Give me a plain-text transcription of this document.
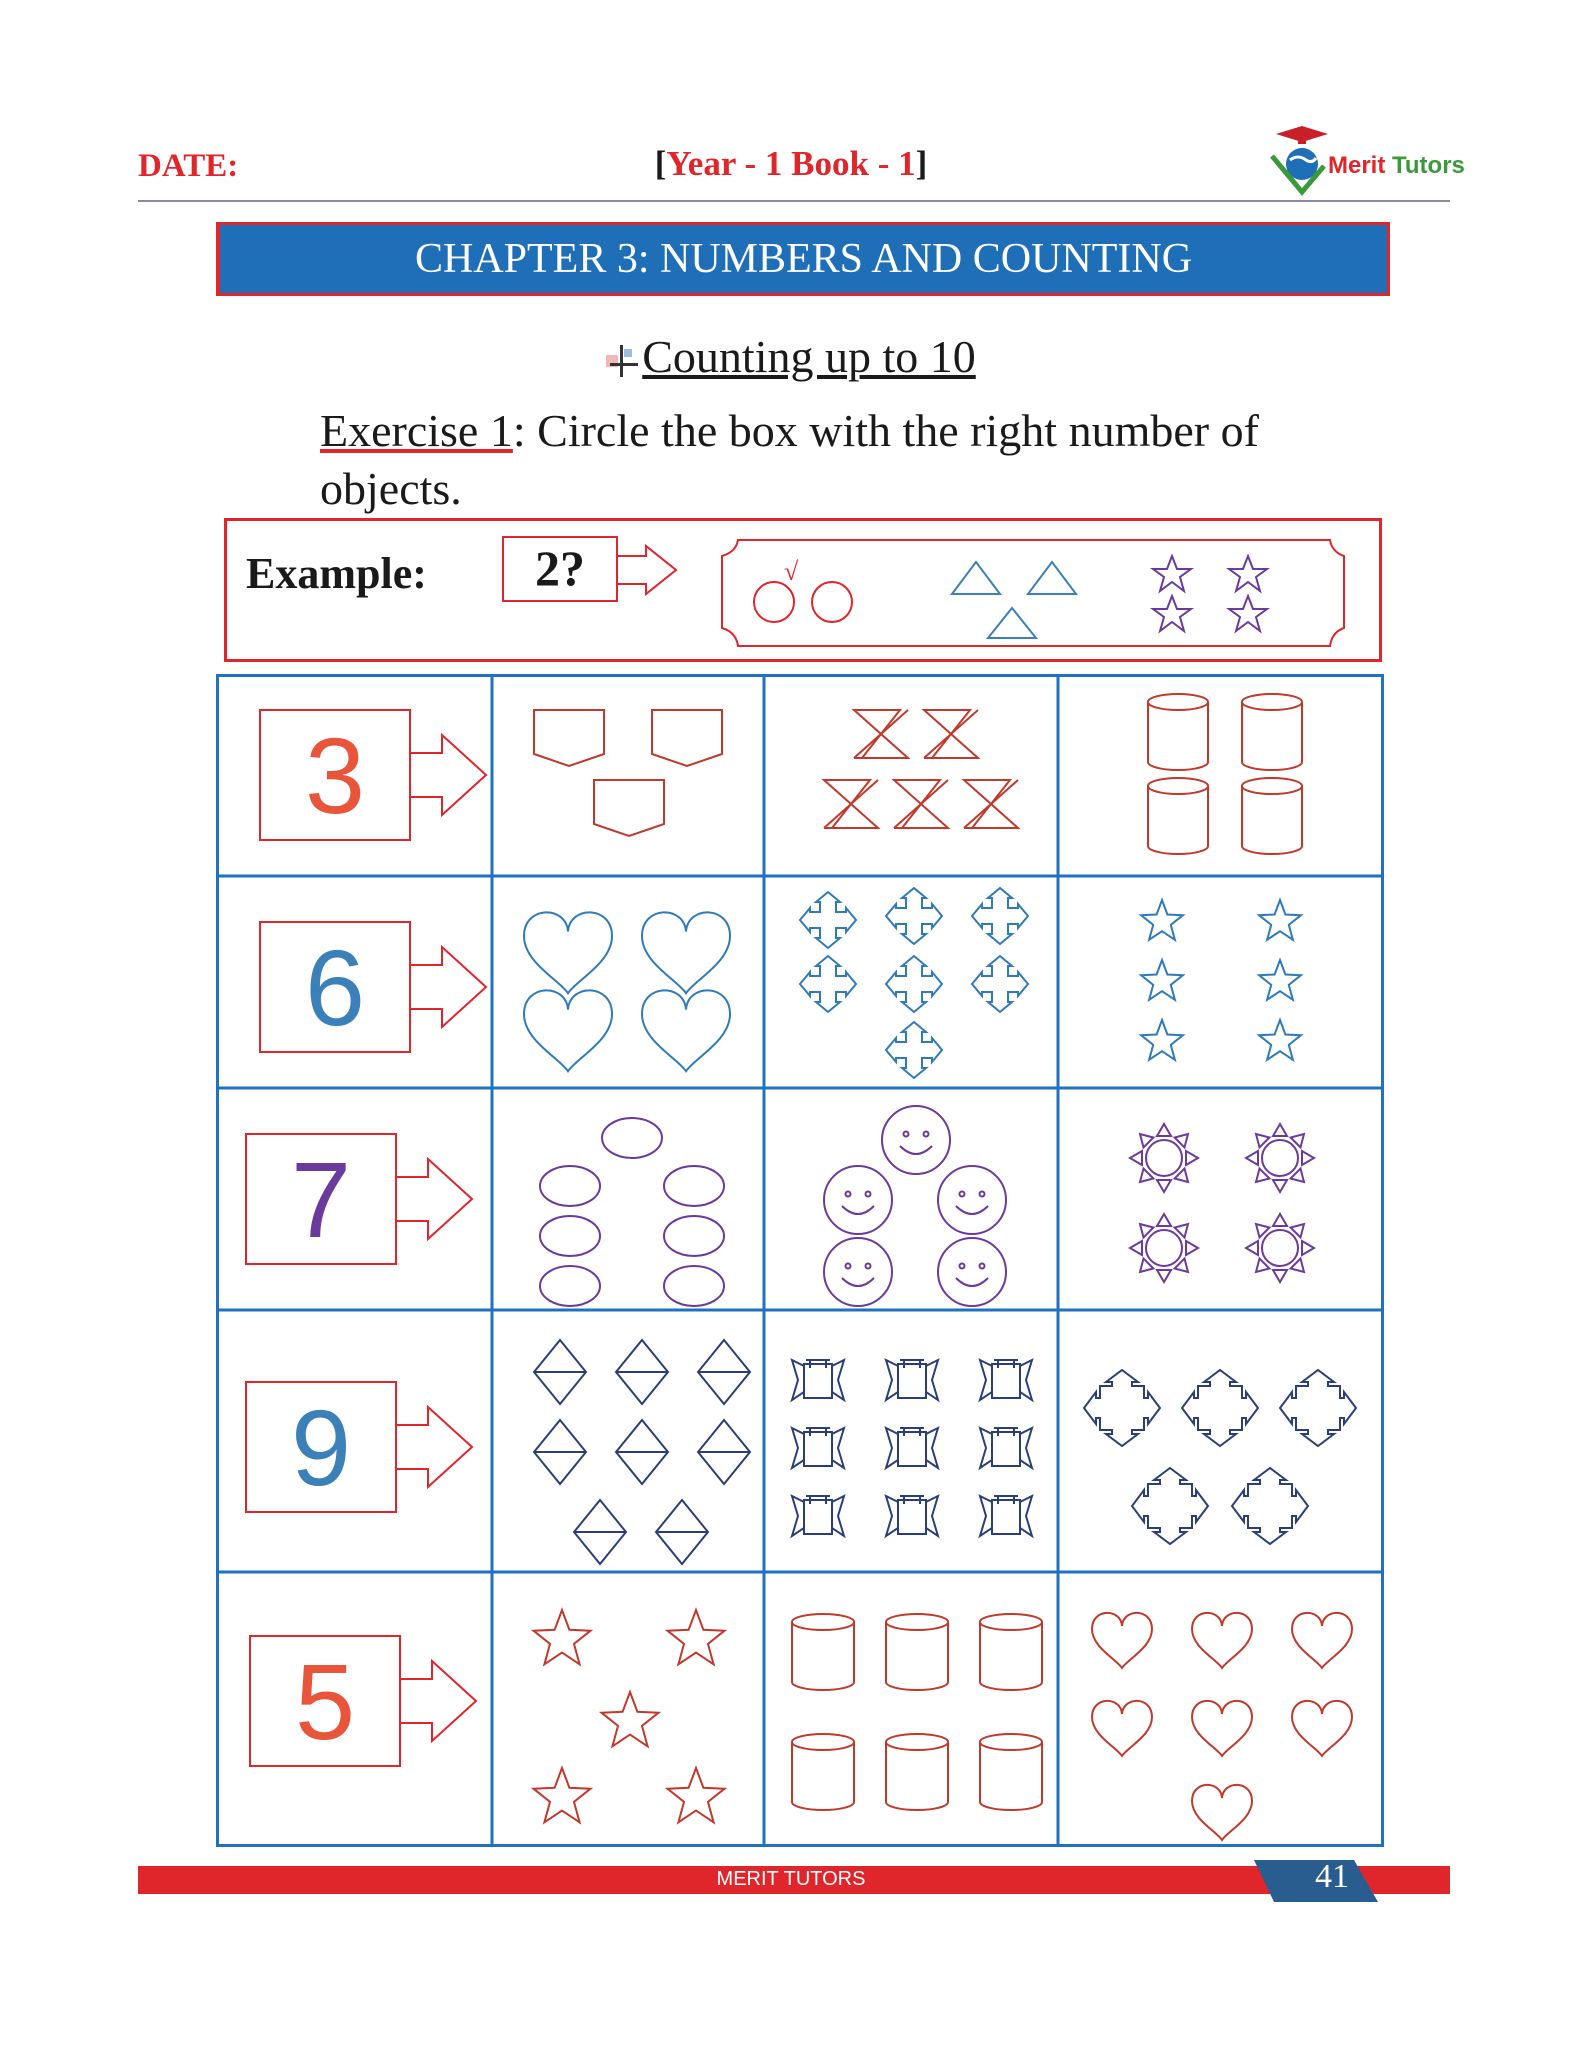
DATE:	[Year - 1 Book - 1]	Merit Tutors
CHAPTER 3: NUMBERS AND COUNTING
Counting up to 10
Exercise 1: Circle the box with the right number of objects.
Example:	2?	√
3
6
7
9
5
MERIT TUTORS	41
